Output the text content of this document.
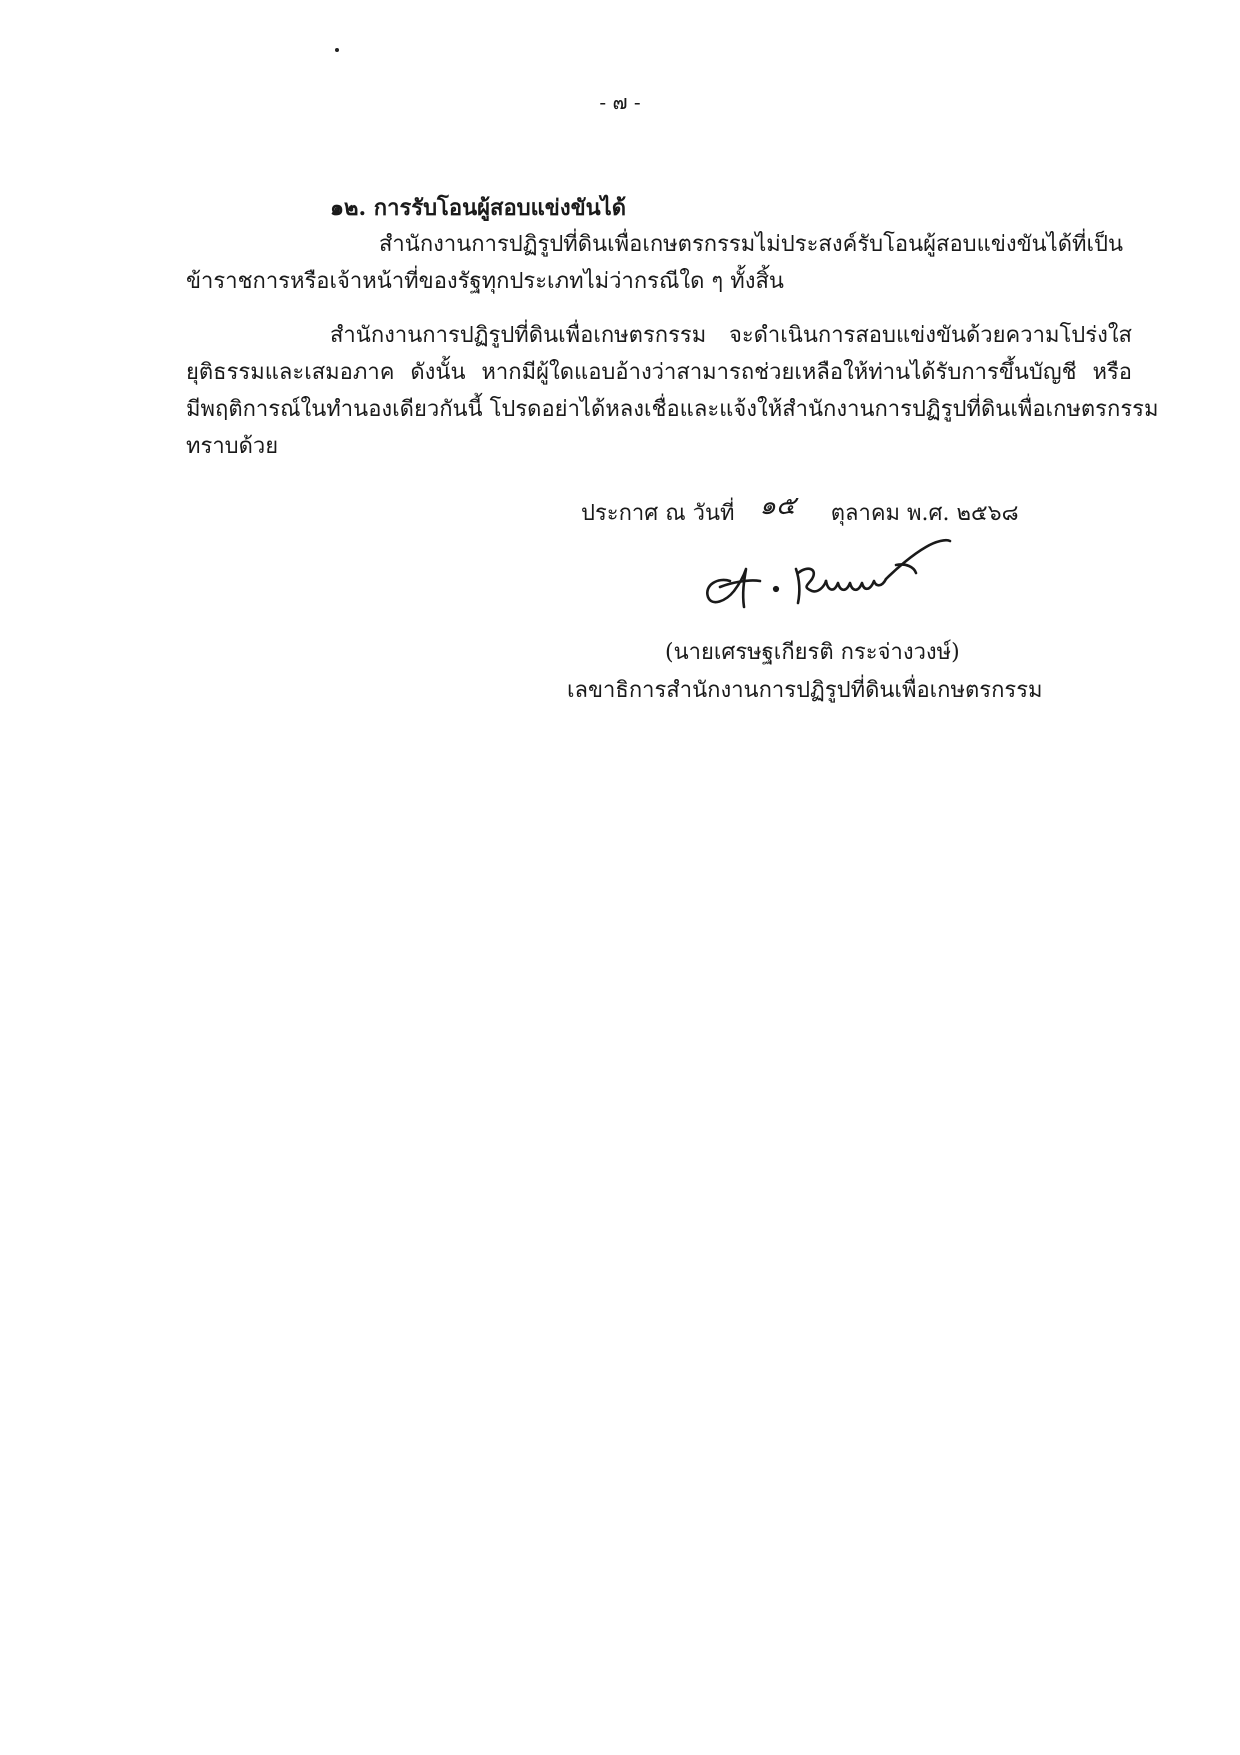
- ๗ -
๑๒. การรับโอนผู้สอบแข่งขันได้
สำนักงานการปฏิรูปที่ดินเพื่อเกษตรกรรมไม่ประสงค์รับโอนผู้สอบแข่งขันได้ที่เป็น
ข้าราชการหรือเจ้าหน้าที่ของรัฐทุกประเภทไม่ว่ากรณีใด ๆ ทั้งสิ้น
สำนักงานการปฏิรูปที่ดินเพื่อเกษตรกรรม จะดำเนินการสอบแข่งขันด้วยความโปร่งใส
ยุติธรรมและเสมอภาค ดังนั้น หากมีผู้ใดแอบอ้างว่าสามารถช่วยเหลือให้ท่านได้รับการขึ้นบัญชี หรือ
มีพฤติการณ์ในทำนองเดียวกันนี้ โปรดอย่าได้หลงเชื่อและแจ้งให้สำนักงานการปฏิรูปที่ดินเพื่อเกษตรกรรม
ทราบด้วย
ประกาศ ณ วันที่ ๑๕ ตุลาคม พ.ศ. ๒๕๖๘
(นายเศรษฐเกียรติ กระจ่างวงษ์)
เลขาธิการสำนักงานการปฏิรูปที่ดินเพื่อเกษตรกรรม
